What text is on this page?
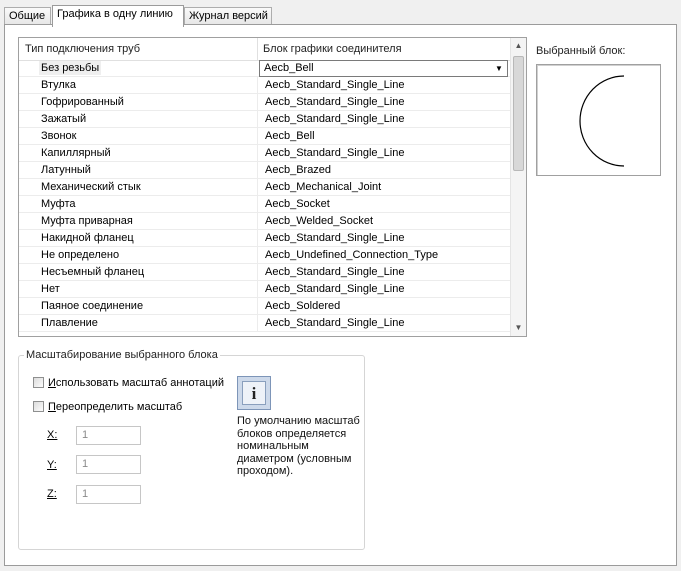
Общие	Графика в одну линию	Журнал версий
Тип подключения труб	Блок графики соединителя
Без резьбы	Aecb_Bell	▼
Втулка	Aecb_Standard_Single_Line
Гофрированный	Aecb_Standard_Single_Line
Зажатый	Aecb_Standard_Single_Line
Звонок	Aecb_Bell
Капиллярный	Aecb_Standard_Single_Line
Латунный	Aecb_Brazed
Механический стык	Aecb_Mechanical_Joint
Муфта	Aecb_Socket
Муфта приварная	Aecb_Welded_Socket
Накидной фланец	Aecb_Standard_Single_Line
Не определено	Aecb_Undefined_Connection_Type
Несъемный фланец	Aecb_Standard_Single_Line
Нет	Aecb_Standard_Single_Line
Паяное соединение	Aecb_Soldered
Плавление	Aecb_Standard_Single_Line
▲
▼
Выбранный блок:
Масштабирование выбранного блока
Использовать масштаб аннотаций
Переопределить масштаб
X:	1
Y:	1
Z:	1
i
По умолчанию масштаб блоков определяется номинальным диаметром (условным проходом).
